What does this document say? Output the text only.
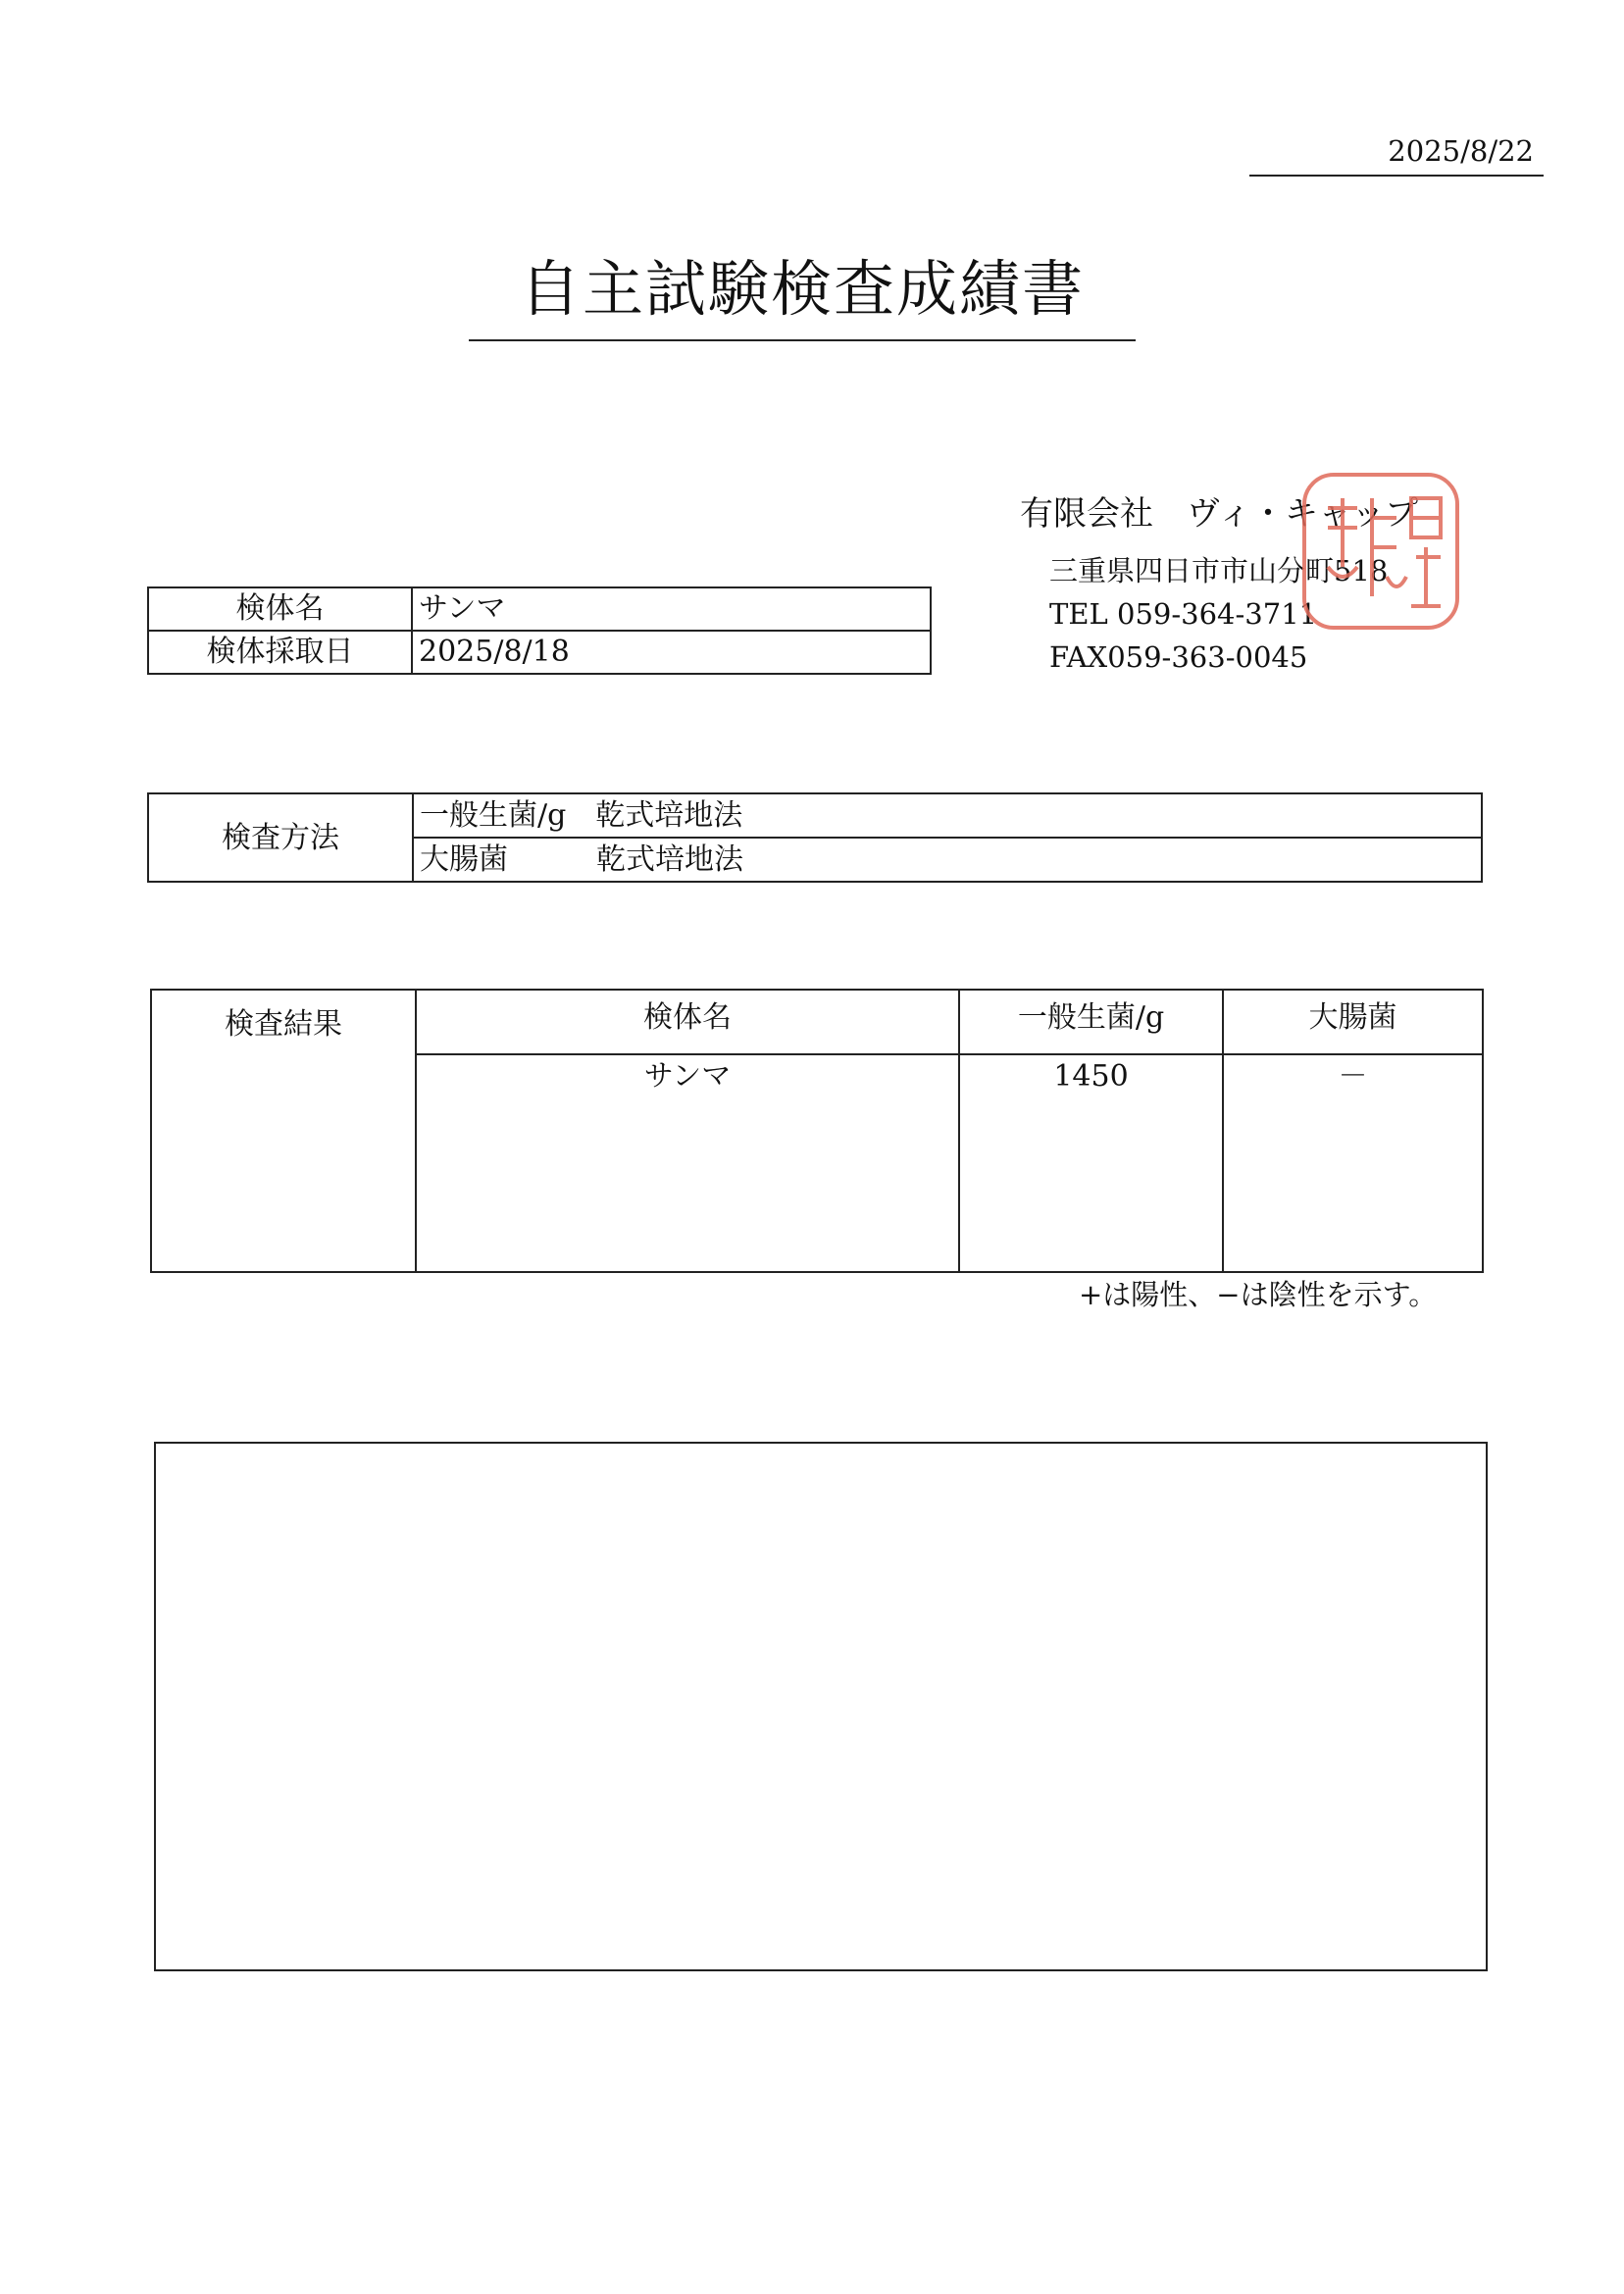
2025/8/22
自主試験検査成績書
有限会社　ヴィ・キャップ
三重県四日市市山分町518
TEL 059-364-3711
FAX059-363-0045
検体名	サンマ
検体採取日	2025/8/18
検査方法	一般生菌/g　乾式培地法
大腸菌　　　乾式培地法
検査結果	検体名	一般生菌/g	大腸菌
	サンマ	1450	－
+は陽性、−は陰性を示す。
